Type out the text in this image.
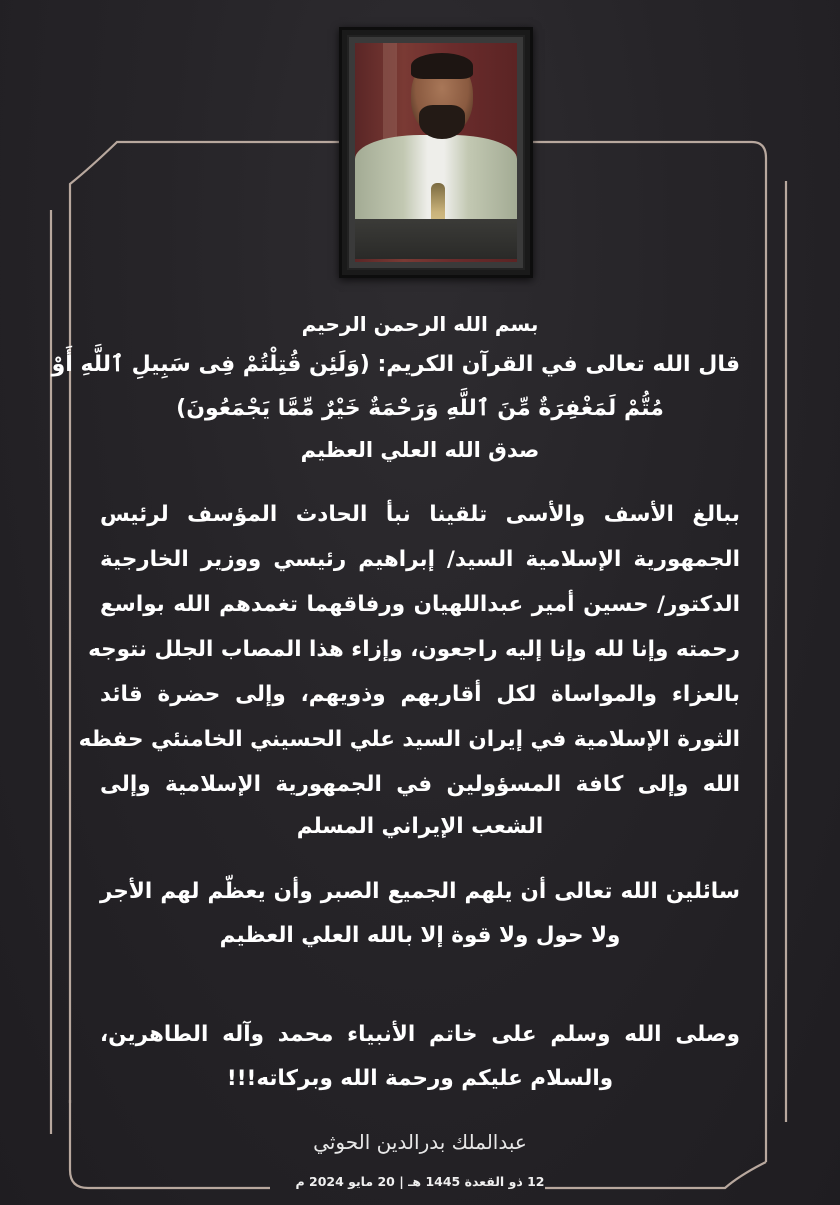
بسم الله الرحمن الرحيم
قال الله تعالى في القرآن الكريم: (وَلَئِن قُتِلْتُمْ فِى سَبِيلِ ٱللَّهِ أَوْ
مُتُّمْ لَمَغْفِرَةٌ مِّنَ ٱللَّهِ وَرَحْمَةٌ خَيْرٌ مِّمَّا يَجْمَعُونَ)
صدق الله العلي العظيم
ببالغ الأسف والأسى تلقينا نبأ الحادث المؤسف لرئيس
الجمهورية الإسلامية السيد/ إبراهيم رئيسي ووزير الخارجية
الدكتور/ حسين أمير عبداللهيان ورفاقهما تغمدهم الله بواسع
رحمته وإنا لله وإنا إليه راجعون، وإزاء هذا المصاب الجلل نتوجه
بالعزاء والمواساة لكل أقاربهم وذويهم، وإلى حضرة قائد
الثورة الإسلامية في إيران السيد علي الحسيني الخامنئي حفظه
الله وإلى كافة المسؤولين في الجمهورية الإسلامية وإلى
الشعب الإيراني المسلم
سائلين الله تعالى أن يلهم الجميع الصبر وأن يعظّم لهم الأجر
ولا حول ولا قوة إلا بالله العلي العظيم
وصلى الله وسلم على خاتم الأنبياء محمد وآله الطاهرين،
والسلام عليكم ورحمة الله وبركاته!!!
عبدالملك بدرالدين الحوثي
12 ذو القعدة 1445 هـ | 20 مايو 2024 م
